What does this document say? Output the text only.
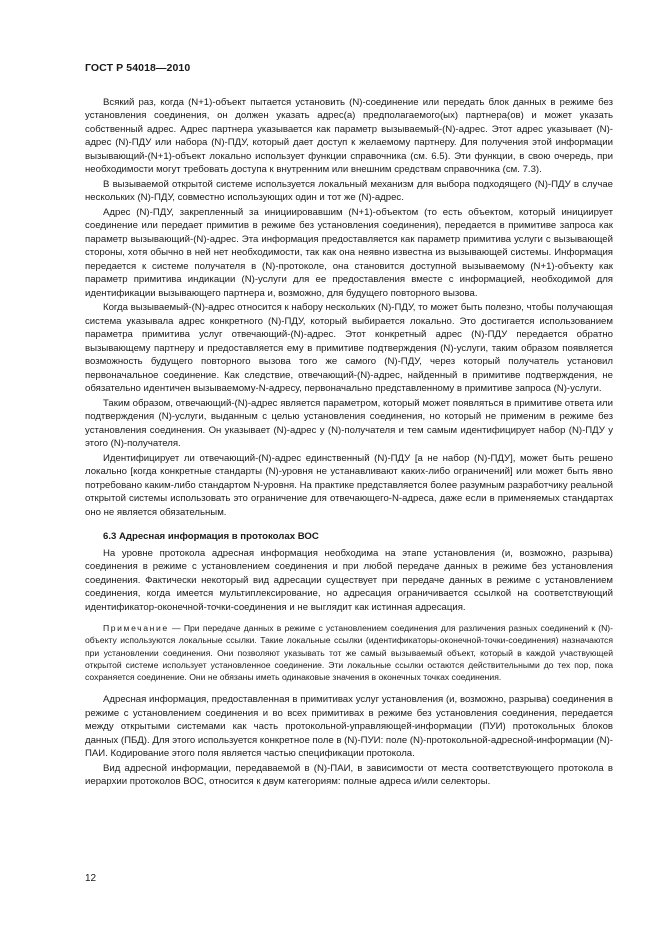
ГОСТ Р 54018—2010

Всякий раз, когда (N+1)-объект пытается установить (N)-соединение или передать блок данных в режиме без установления соединения, он должен указать адрес(а) предполагаемого(ых) партнера(ов) и может указать собственный адрес. Адрес партнера указывается как параметр вызываемый-(N)-адрес. Этот адрес указывает (N)-адрес (N)-ПДУ или набора (N)-ПДУ, который дает доступ к желаемому партнеру. Для получения этой информации вызывающий-(N+1)-объект локально использует функции справочника (см. 6.5). Эти функции, в свою очередь, при необходимости могут требовать доступа к внутренним или внешним средствам справочника (см. 7.3).

В вызываемой открытой системе используется локальный механизм для выбора подходящего (N)-ПДУ в случае нескольких (N)-ПДУ, совместно использующих один и тот же (N)-адрес.

Адрес (N)-ПДУ, закрепленный за инициировавшим (N+1)-объектом (то есть объектом, который инициирует соединение или передает примитив в режиме без установления соединения), передается в примитиве запроса как параметр вызывающий-(N)-адрес. Эта информация предоставляется как параметр примитива услуги с вызывающей стороны, хотя обычно в ней нет необходимости, так как она неявно известна из вызывающей системы. Информация передается к системе получателя в (N)-протоколе, она становится доступной вызываемому (N+1)-объекту как параметр примитива индикации (N)-услуги для ее предоставления вместе с информацией, необходимой для идентификации вызывающего партнера и, возможно, для будущего повторного вызова.

Когда вызываемый-(N)-адрес относится к набору нескольких (N)-ПДУ, то может быть полезно, чтобы получающая система указывала адрес конкретного (N)-ПДУ, который выбирается локально. Это достигается использованием параметра примитива услуг отвечающий-(N)-адрес. Этот конкретный адрес (N)-ПДУ передается обратно вызывающему партнеру и предоставляется ему в примитиве подтверждения (N)-услуги, таким образом появляется возможность будущего повторного вызова того же самого (N)-ПДУ, через который получатель установил первоначальное соединение. Как следствие, отвечающий-(N)-адрес, найденный в примитиве подтверждения, не обязательно идентичен вызываемому-N-адресу, первоначально представленному в примитиве запроса (N)-услуги.

Таким образом, отвечающий-(N)-адрес является параметром, который может появляться в примитиве ответа или подтверждения (N)-услуги, выданным с целью установления соединения, но который не применим в режиме без установления соединения. Он указывает (N)-адрес у (N)-получателя и тем самым идентифицирует набор (N)-ПДУ у этого (N)-получателя.

Идентифицирует ли отвечающий-(N)-адрес единственный (N)-ПДУ [а не набор (N)-ПДУ], может быть решено локально [когда конкретные стандарты (N)-уровня не устанавливают каких-либо ограничений] или может быть явно потребовано каким-либо стандартом N-уровня. На практике представляется более разумным разработчику реальной открытой системы использовать это ограничение для отвечающего-N-адреса, даже если в применяемых стандартах оно не является обязательным.

6.3 Адресная информация в протоколах ВОС

На уровне протокола адресная информация необходима на этапе установления (и, возможно, разрыва) соединения в режиме с установлением соединения и при любой передаче данных в режиме без установления соединения. Фактически некоторый вид адресации существует при передаче данных в режиме с установлением соединения, когда имеется мультиплексирование, но адресация ограничивается ссылкой на соответствующий идентификатор-оконечной-точки-соединения и не выглядит как истинная адресация.

Примечание — При передаче данных в режиме с установлением соединения для различения разных соединений к (N)-объекту используются локальные ссылки. Такие локальные ссылки (идентификаторы-оконечной-точки-соединения) назначаются при установлении соединения. Они позволяют указывать тот же самый вызываемый объект, который в каждой участвующей открытой системе использует установленное соединение. Эти локальные ссылки остаются действительными до тех пор, пока сохраняется соединение. Они не обязаны иметь одинаковые значения в оконечных точках соединения.

Адресная информация, предоставленная в примитивах услуг установления (и, возможно, разрыва) соединения в режиме с установлением соединения и во всех примитивах в режиме без установления соединения, передается между открытыми системами как часть протокольной-управляющей-информации (ПУИ) протокольных блоков данных (ПБД). Для этого используется конкретное поле в (N)-ПУИ: поле (N)-протокольной-адресной-информации (N)-ПАИ. Кодирование этого поля является частью спецификации протокола.

Вид адресной информации, передаваемой в (N)-ПАИ, в зависимости от места соответствующего протокола в иерархии протоколов ВОС, относится к двум категориям: полные адреса и/или селекторы.

12
